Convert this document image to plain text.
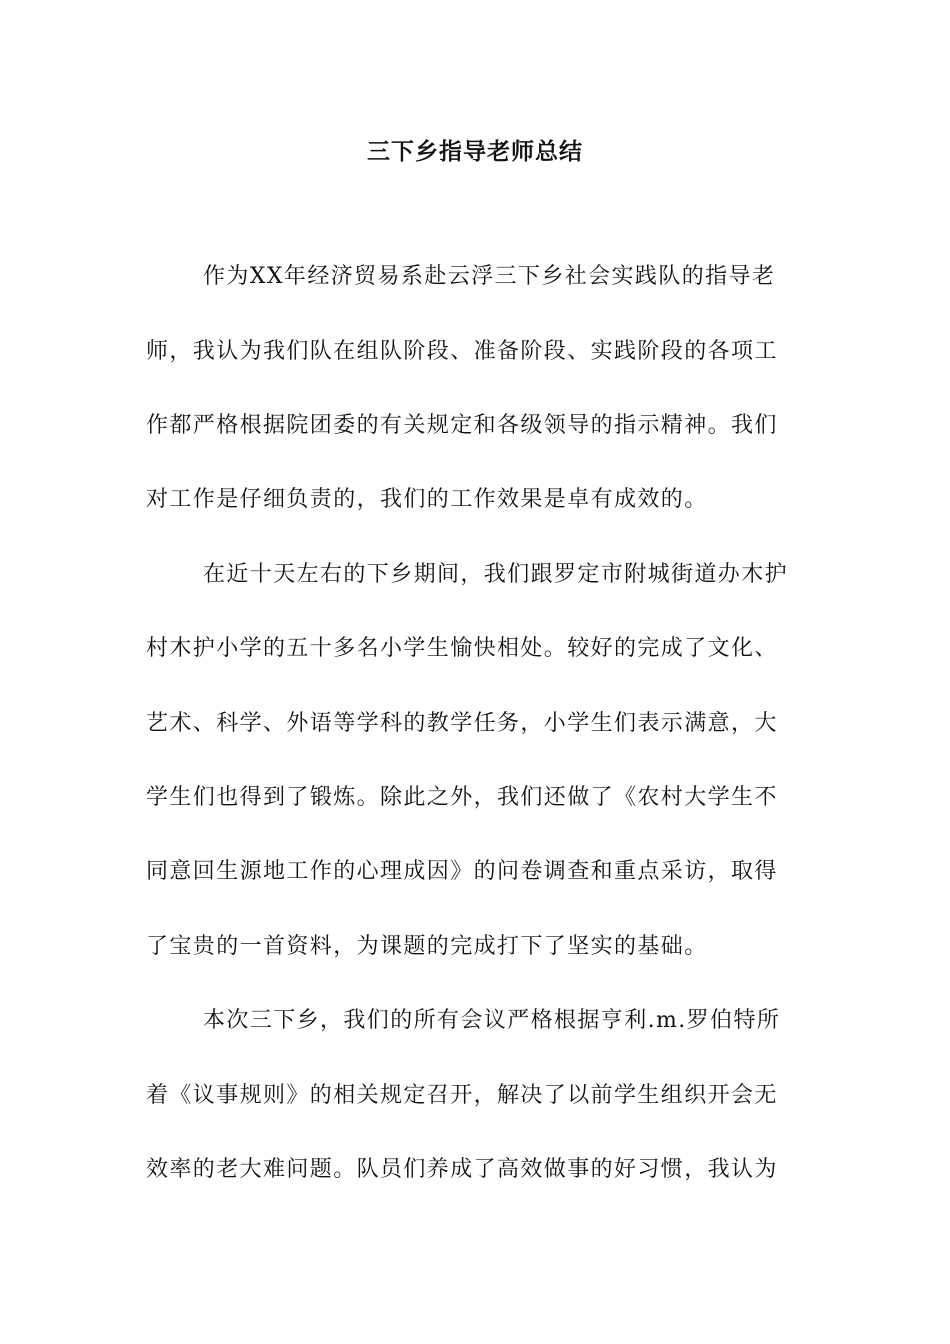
三下乡指导老师总结
作为XX年经济贸易系赴云浮三下乡社会实践队的指导老
师，我认为我们队在组队阶段、准备阶段、实践阶段的各项工
作都严格根据院团委的有关规定和各级领导的指示精神。我们
对工作是仔细负责的，我们的工作效果是卓有成效的。
在近十天左右的下乡期间，我们跟罗定市附城街道办木护
村木护小学的五十多名小学生愉快相处。较好的完成了文化、
艺术、科学、外语等学科的教学任务，小学生们表示满意，大
学生们也得到了锻炼。除此之外，我们还做了《农村大学生不
同意回生源地工作的心理成因》的问卷调查和重点采访，取得
了宝贵的一首资料，为课题的完成打下了坚实的基础。
本次三下乡，我们的所有会议严格根据亨利.m.罗伯特所
着《议事规则》的相关规定召开，解决了以前学生组织开会无
效率的老大难问题。队员们养成了高效做事的好习惯，我认为
